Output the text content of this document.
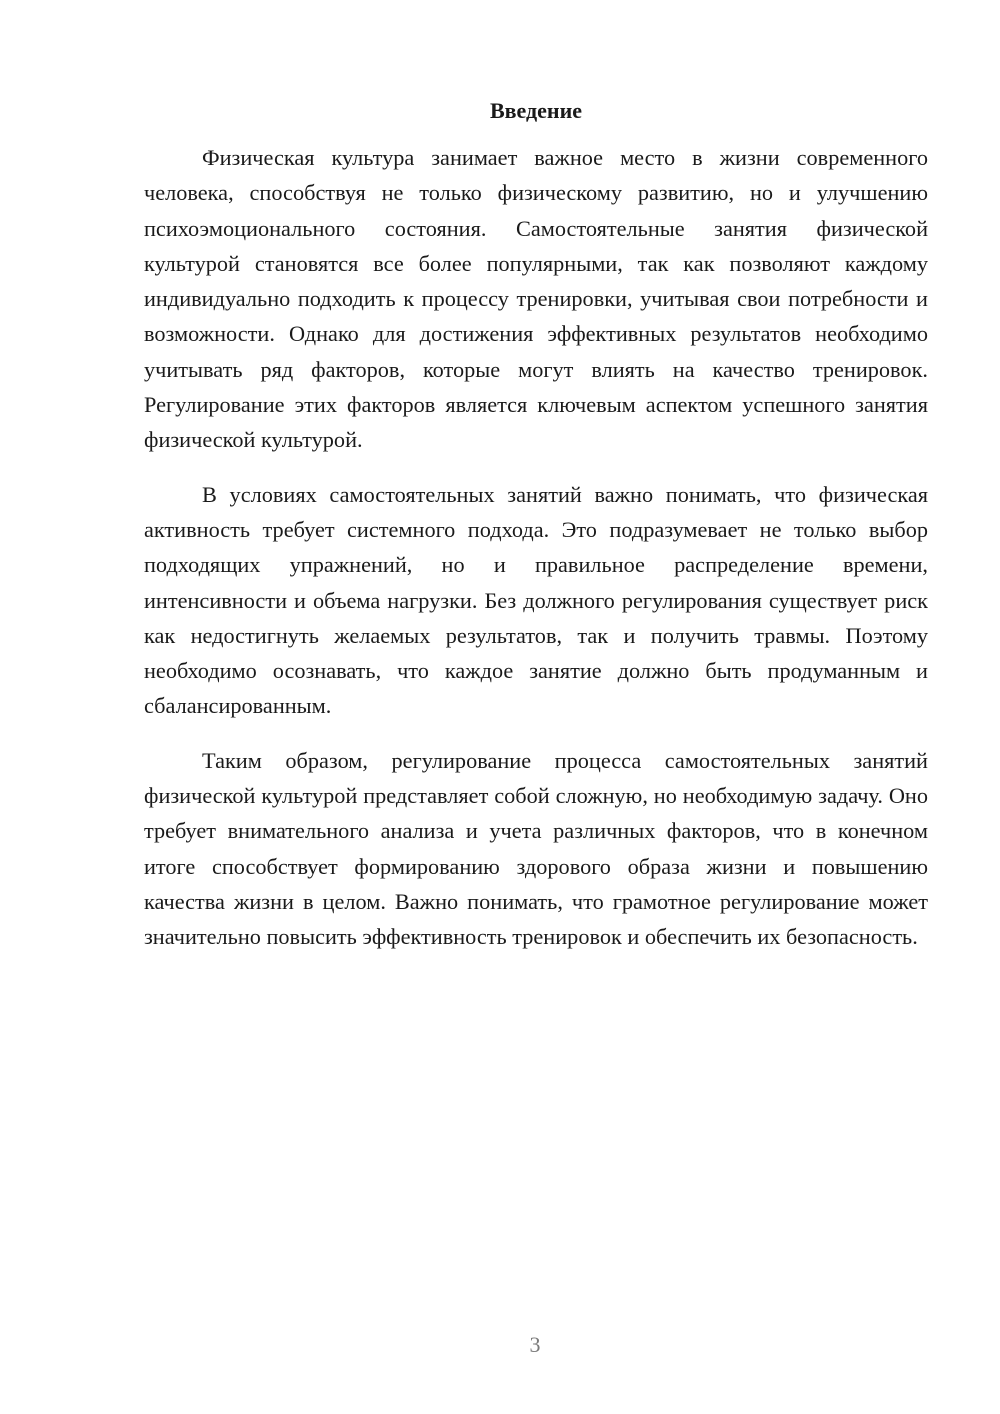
Введение

Физическая культура занимает важное место в жизни современного человека, способствуя не только физическому развитию, но и улучшению психоэмоционального состояния. Самостоятельные занятия физической культурой становятся все более популярными, так как позволяют каждому индивидуально подходить к процессу тренировки, учитывая свои потребности и возможности. Однако для достижения эффективных результатов необходимо учитывать ряд факторов, которые могут влиять на качество тренировок. Регулирование этих факторов является ключевым аспектом успешного занятия физической культурой.

В условиях самостоятельных занятий важно понимать, что физическая активность требует системного подхода. Это подразумевает не только выбор подходящих упражнений, но и правильное распределение времени, интенсивности и объема нагрузки. Без должного регулирования существует риск как недостигнуть желаемых результатов, так и получить травмы. Поэтому необходимо осознавать, что каждое занятие должно быть продуманным и сбалансированным.

Таким образом, регулирование процесса самостоятельных занятий физической культурой представляет собой сложную, но необходимую задачу. Оно требует внимательного анализа и учета различных факторов, что в конечном итоге способствует формированию здорового образа жизни и повышению качества жизни в целом. Важно понимать, что грамотное регулирование может значительно повысить эффективность тренировок и обеспечить их безопасность.

3
